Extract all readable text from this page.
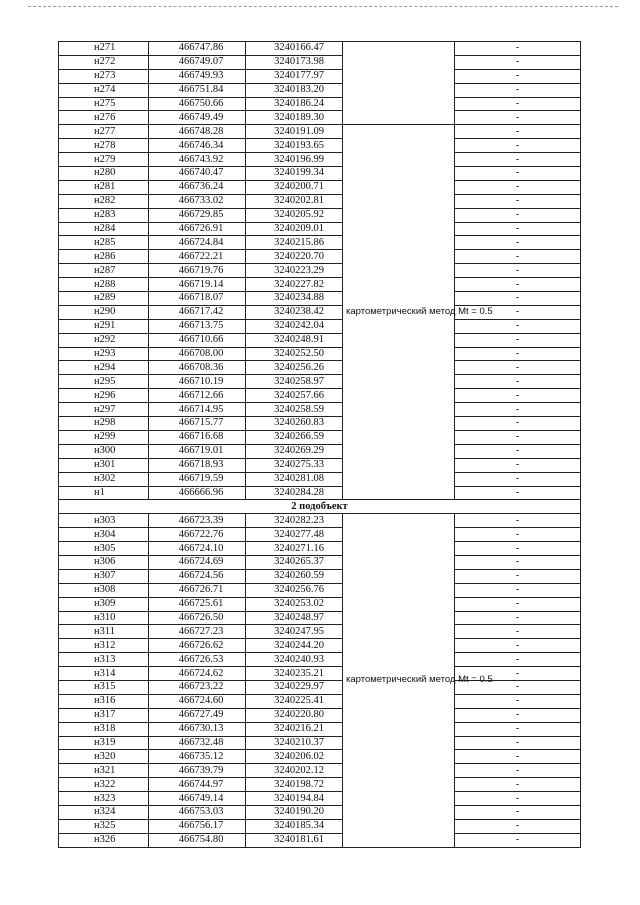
н271	466747.86	3240166.47		-
н272	466749.07	3240173.98		-
н273	466749.93	3240177.97		-
н274	466751.84	3240183.20		-
н275	466750.66	3240186.24		-
н276	466749.49	3240189.30		-
н277	466748.28	3240191.09	картометрический метод Mt = 0.5	-
н278	466746.34	3240193.65		-
н279	466743.92	3240196.99		-
н280	466740.47	3240199.34		-
н281	466736.24	3240200.71		-
н282	466733.02	3240202.81		-
н283	466729.85	3240205.92		-
н284	466726.91	3240209.01		-
н285	466724.84	3240215.86		-
н286	466722.21	3240220.70		-
н287	466719.76	3240223.29		-
н288	466719.14	3240227.82		-
н289	466718.07	3240234.88		-
н290	466717.42	3240238.42		-
н291	466713.75	3240242.04		-
н292	466710.66	3240248.91		-
н293	466708.00	3240252.50		-
н294	466708.36	3240256.26		-
н295	466710.19	3240258.97		-
н296	466712.66	3240257.66		-
н297	466714.95	3240258.59		-
н298	466715.77	3240260.83		-
н299	466716.68	3240266.59		-
н300	466719.01	3240269.29		-
н301	466718.93	3240275.33		-
н302	466719.59	3240281.08		-
н1	466666.96	3240284.28		-
2 подобъект				
н303	466723.39	3240282.23	картометрический метод Mt = 0.5	-
н304	466722.76	3240277.48		-
н305	466724.10	3240271.16		-
н306	466724.69	3240265.37		-
н307	466724.56	3240260.59		-
н308	466726.71	3240256.76		-
н309	466725.61	3240253.02		-
н310	466726.50	3240248.97		-
н311	466727.23	3240247.95		-
н312	466726.62	3240244.20		-
н313	466726.53	3240240.93		-
н314	466724.62	3240235.21		-
н315	466723.22	3240229.97		-
н316	466724.60	3240225.41		-
н317	466727.49	3240220.80		-
н318	466730.13	3240216.21		-
н319	466732.48	3240210.37		-
н320	466735.12	3240206.02		-
н321	466739.79	3240202.12		-
н322	466744.97	3240198.72		-
н323	466749.14	3240194.84		-
н324	466753.03	3240190.20		-
н325	466756.17	3240185.34		-
н326	466754.80	3240181.61		-
